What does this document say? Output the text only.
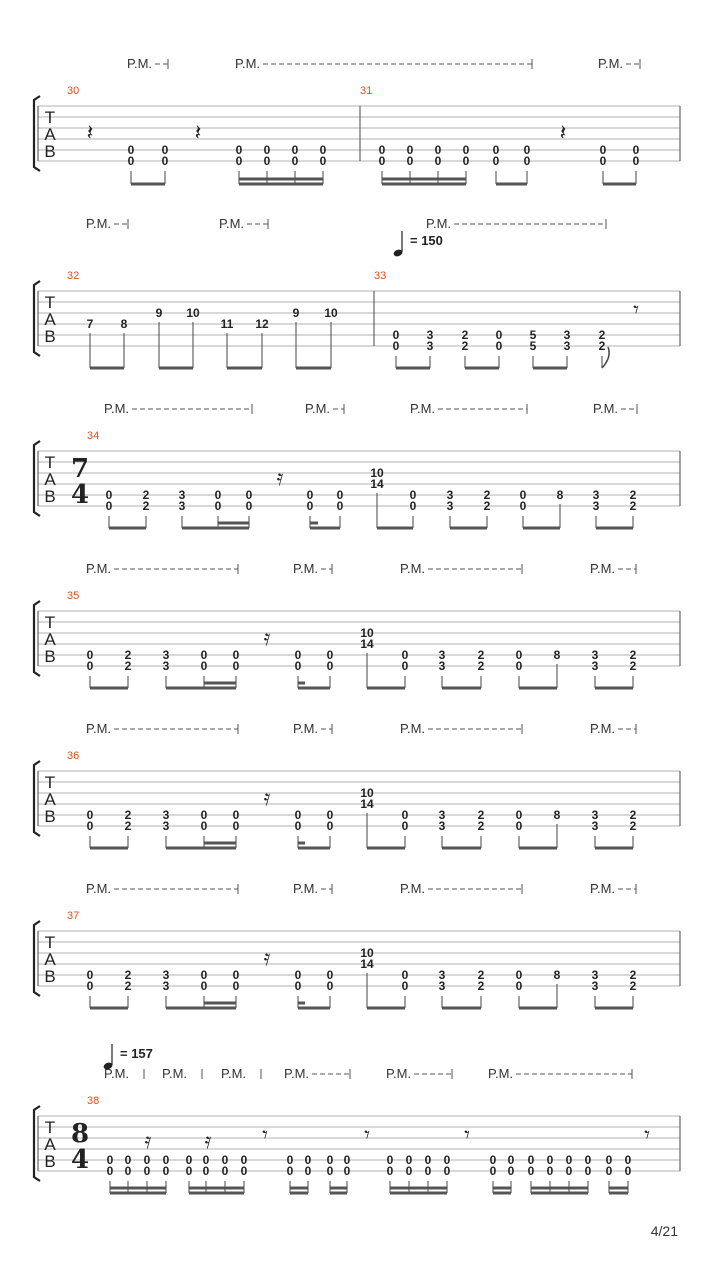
T
A
B
P.M.	P.M.	P.M.
30	31
𝄽	𝄽	𝄽
0
0
0
0
0
0
0
0
0
0
0
0
0
0
0
0
0
0
0
0
0
0
0
0
0
0
0
0
T
A
B
P.M.	P.M.	P.M.
= 150
32	33
7 8
9 10
11 12
9 10
0
0
3
3
2
2
0
0
5
5
3
3
2
2
𝄾
T
A
B
34
7
4 0
0
2
2
3
3
0
0
0
0
0
0
0
0
10
14
0
0
3
3
2
2
0
0
8 3
3
2
2
𝄿
P.M.	P.M.	P.M.	P.M.
T
A
B
35
0
0
2
2
3
3
0
0
0
0
0
0
0
0
10
14
0
0
3
3
2
2
0
0
8	3
3
2
2
𝄿
P.M.	P.M.	P.M.	P.M.
T
A
B
36
0
0
2
2
3
3
0
0
0
0
0
0
0
0
10
14
0
0
3
3
2
2
0
0
8	3
3
2
2
𝄿
P.M.	P.M.	P.M.	P.M.
T
A
B
37
0
0
2
2
3
3
0
0
0
0
0
0
0
0
10
14
0
0
3
3
2
2
0
0
8	3
3
2
2
𝄿
P.M.	P.M.	P.M.	P.M.
T
A
B
= 157
P.M.	P.M.	P.M.	P.M.	P.M.	P.M.
38
8
4 0
0
0
0
0
0
0
0
0
0
0
0
0
0
0
0
0
0
0
0
0
0
0
0
0
0
0
0
0
0
0
0
0
0
0
0
0
0
0
0
0
0
0
0
0
0
0
0
𝄿 𝄿 𝄾	𝄾	𝄾	𝄾
4/21
